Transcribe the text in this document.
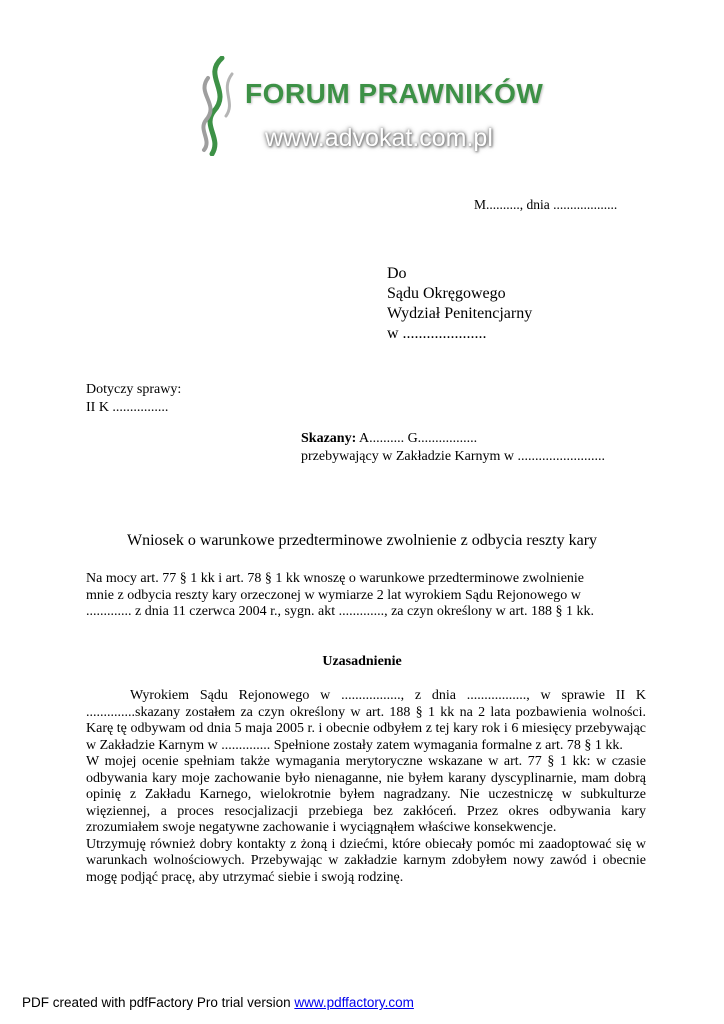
FORUM PRAWNIKÓW
www.advokat.com.pl
M.........., dnia ...................
Do
Sądu Okręgowego
Wydział Penitencjarny
w .....................
Dotyczy sprawy:
II K ................
Skazany: A.......... G.................
przebywający w Zakładzie Karnym w .........................
Wniosek o warunkowe przedterminowe zwolnienie z odbycia reszty kary
Na mocy art. 77 § 1 kk i art. 78 § 1 kk wnoszę o warunkowe przedterminowe zwolnienie
mnie z odbycia reszty kary orzeczonej w wymiarze 2 lat wyrokiem Sądu Rejonowego w
............. z dnia 11 czerwca 2004 r., sygn. akt ............., za czyn określony w art. 188 § 1 kk.
Uzasadnienie
Wyrokiem Sądu Rejonowego w ................., z dnia ................., w sprawie II K ..............skazany zostałem za czyn określony w art. 188 § 1 kk na 2 lata pozbawienia wolności. Karę tę odbywam od dnia 5 maja 2005 r. i obecnie odbyłem z tej kary rok i 6 miesięcy przebywając w Zakładzie Karnym w .............. Spełnione zostały zatem wymagania formalne z art. 78 § 1 kk.
W mojej ocenie spełniam także wymagania merytoryczne wskazane w art. 77 § 1 kk: w czasie odbywania kary moje zachowanie było nienaganne, nie byłem karany dyscyplinarnie, mam dobrą opinię z Zakładu Karnego, wielokrotnie byłem nagradzany. Nie uczestniczę w subkulturze więziennej, a proces resocjalizacji przebiega bez zakłóceń. Przez okres odbywania kary zrozumiałem swoje negatywne zachowanie i wyciągnąłem właściwe konsekwencje.
Utrzymuję również dobry kontakty z żoną i dziećmi, które obiecały pomóc mi zaadoptować się w warunkach wolnościowych. Przebywając w zakładzie karnym zdobyłem nowy zawód i obecnie mogę podjąć pracę, aby utrzymać siebie i swoją rodzinę.
PDF created with pdfFactory Pro trial version www.pdffactory.com
